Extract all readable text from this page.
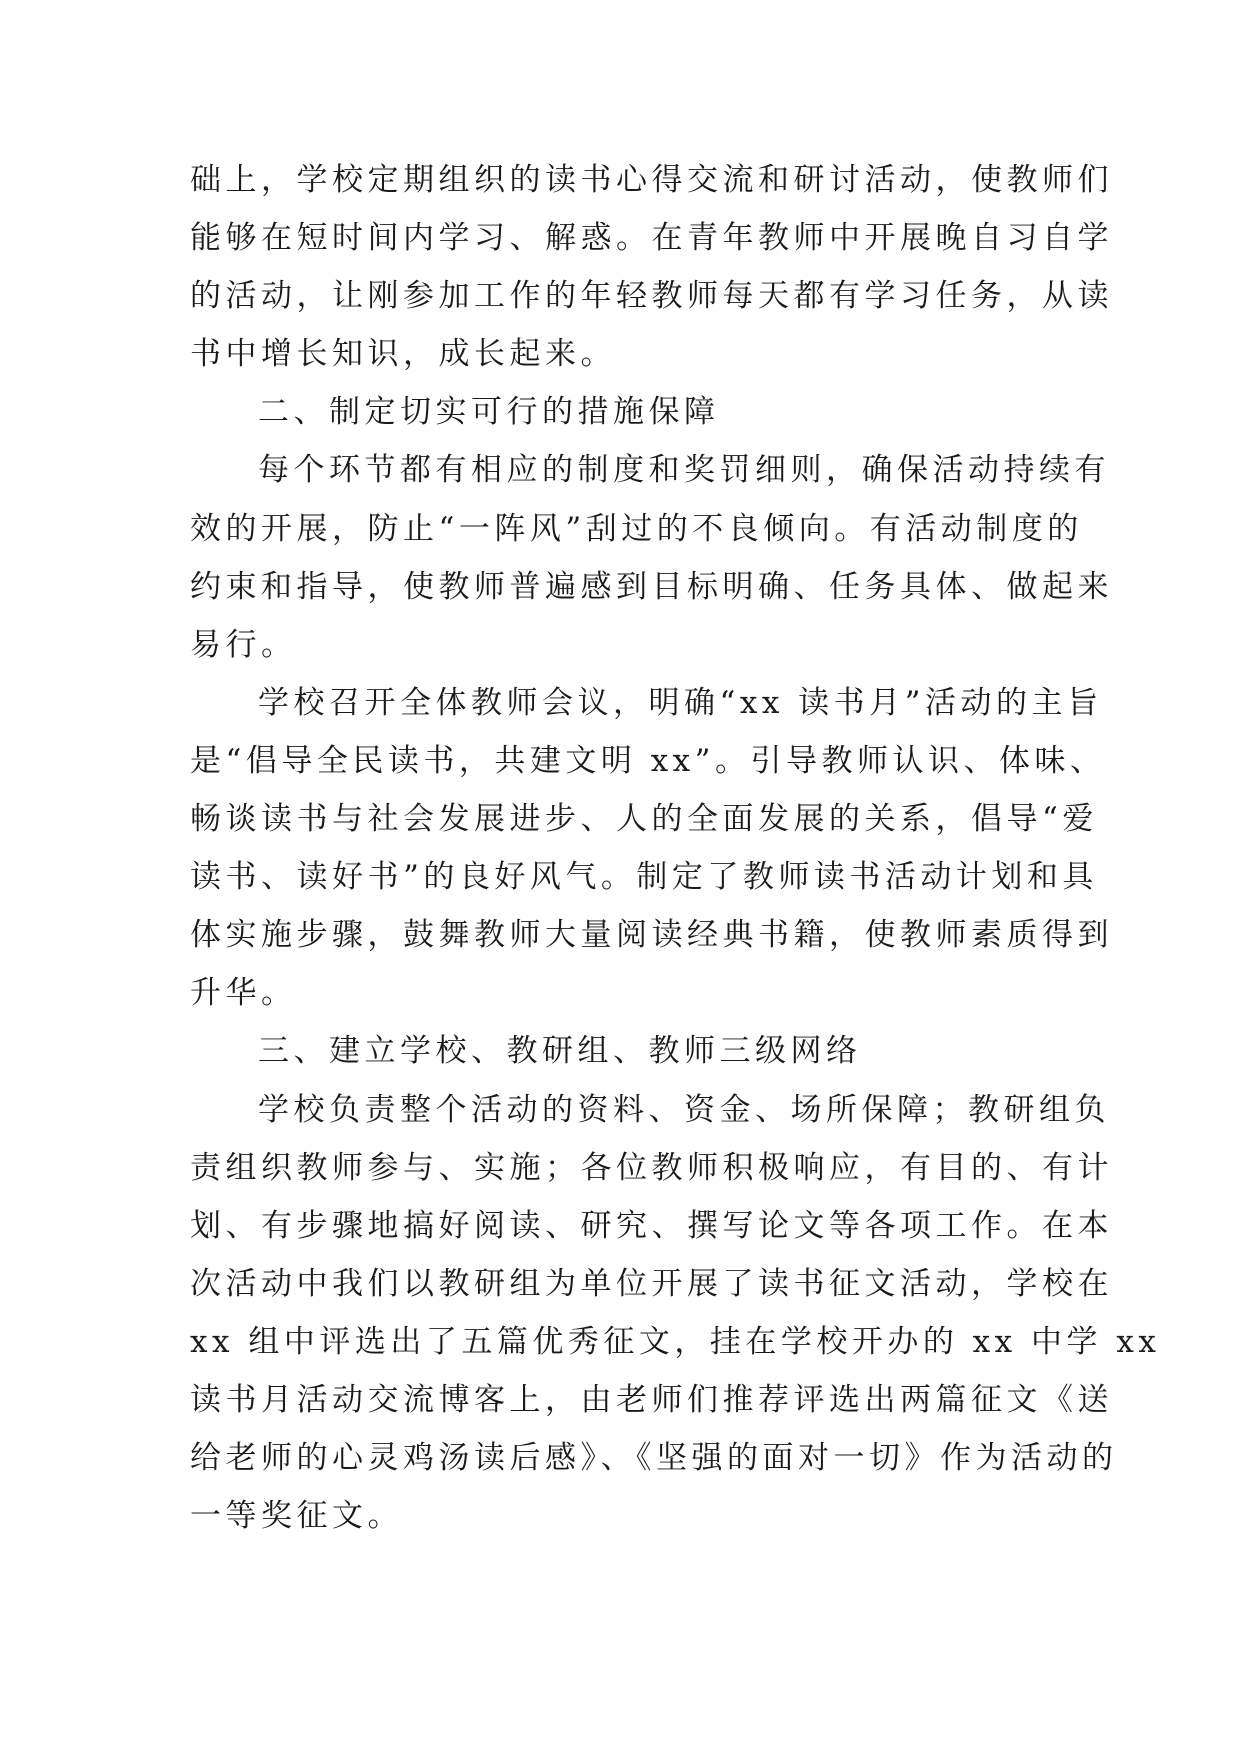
础上，学校定期组织的读书心得交流和研讨活动，使教师们
能够在短时间内学习、解惑。在青年教师中开展晚自习自学
的活动，让刚参加工作的年轻教师每天都有学习任务，从读
书中增长知识，成长起来。
二、制定切实可行的措施保障
每个环节都有相应的制度和奖罚细则，确保活动持续有
效的开展，防止“一阵风”刮过的不良倾向。有活动制度的
约束和指导，使教师普遍感到目标明确、任务具体、做起来
易行。
学校召开全体教师会议，明确“xx 读书月”活动的主旨
是“倡导全民读书，共建文明 xx”。引导教师认识、体味、
畅谈读书与社会发展进步、人的全面发展的关系，倡导“爱
读书、读好书”的良好风气。制定了教师读书活动计划和具
体实施步骤，鼓舞教师大量阅读经典书籍，使教师素质得到
升华。
三、建立学校、教研组、教师三级网络
学校负责整个活动的资料、资金、场所保障；教研组负
责组织教师参与、实施；各位教师积极响应，有目的、有计
划、有步骤地搞好阅读、研究、撰写论文等各项工作。在本
次活动中我们以教研组为单位开展了读书征文活动，学校在
xx 组中评选出了五篇优秀征文，挂在学校开办的 xx 中学 xx
读书月活动交流博客上，由老师们推荐评选出两篇征文《送
给老师的心灵鸡汤读后感》、《坚强的面对一切》作为活动的
一等奖征文。
